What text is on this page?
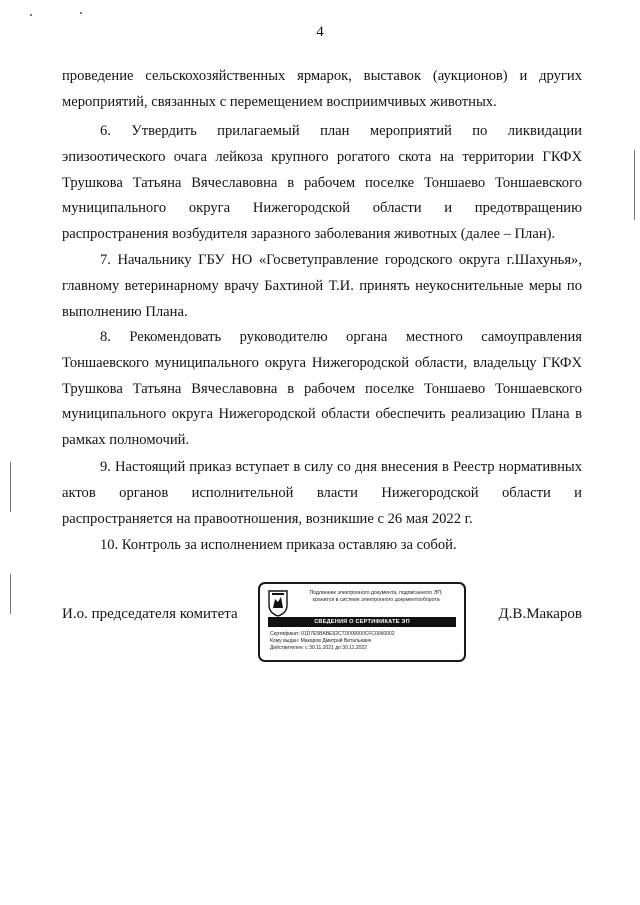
4
проведение сельскохозяйственных ярмарок, выставок (аукционов) и других
мероприятий, связанных с перемещением восприимчивых животных.
6. Утвердить прилагаемый план мероприятий по ликвидации
эпизоотического очага лейкоза крупного рогатого скота на территории ГКФХ
Трушкова Татьяна Вячеславовна в рабочем поселке Тоншаево Тоншаевского
муниципального округа Нижегородской области и предотвращению
распространения возбудителя заразного заболевания животных (далее – План).
7. Начальнику ГБУ НО «Госветуправление городского округа г.Шахунья»,
главному ветеринарному врачу Бахтиной Т.И. принять неукоснительные меры по
выполнению Плана.
8. Рекомендовать руководителю органа местного самоуправления
Тоншаевского муниципального округа Нижегородской области, владельцу ГКФХ
Трушкова Татьяна Вячеславовна в рабочем поселке Тоншаево Тоншаевского
муниципального округа Нижегородской области обеспечить реализацию Плана в
рамках полномочий.
9. Настоящий приказ вступает в силу со дня внесения в Реестр нормативных
актов органов исполнительной власти Нижегородской области и
распространяется на правоотношения, возникшие с 26 мая 2022 г.
10. Контроль за исполнением приказа оставляю за собой.
И.о. председателя комитета	Д.В.Макаров
Подлинник электронного документа, подписанного ЭП,
хранится в системе электронного документооборота
СВЕДЕНИЯ О СЕРТИФИКАТЕ ЭП
Сертификат: 01D7E5BABE92C7D000000CFC0060002
Кому выдан: Макаров Дмитрий Витальевич
Действителен: с 30.11.2021 до 30.11.2022
